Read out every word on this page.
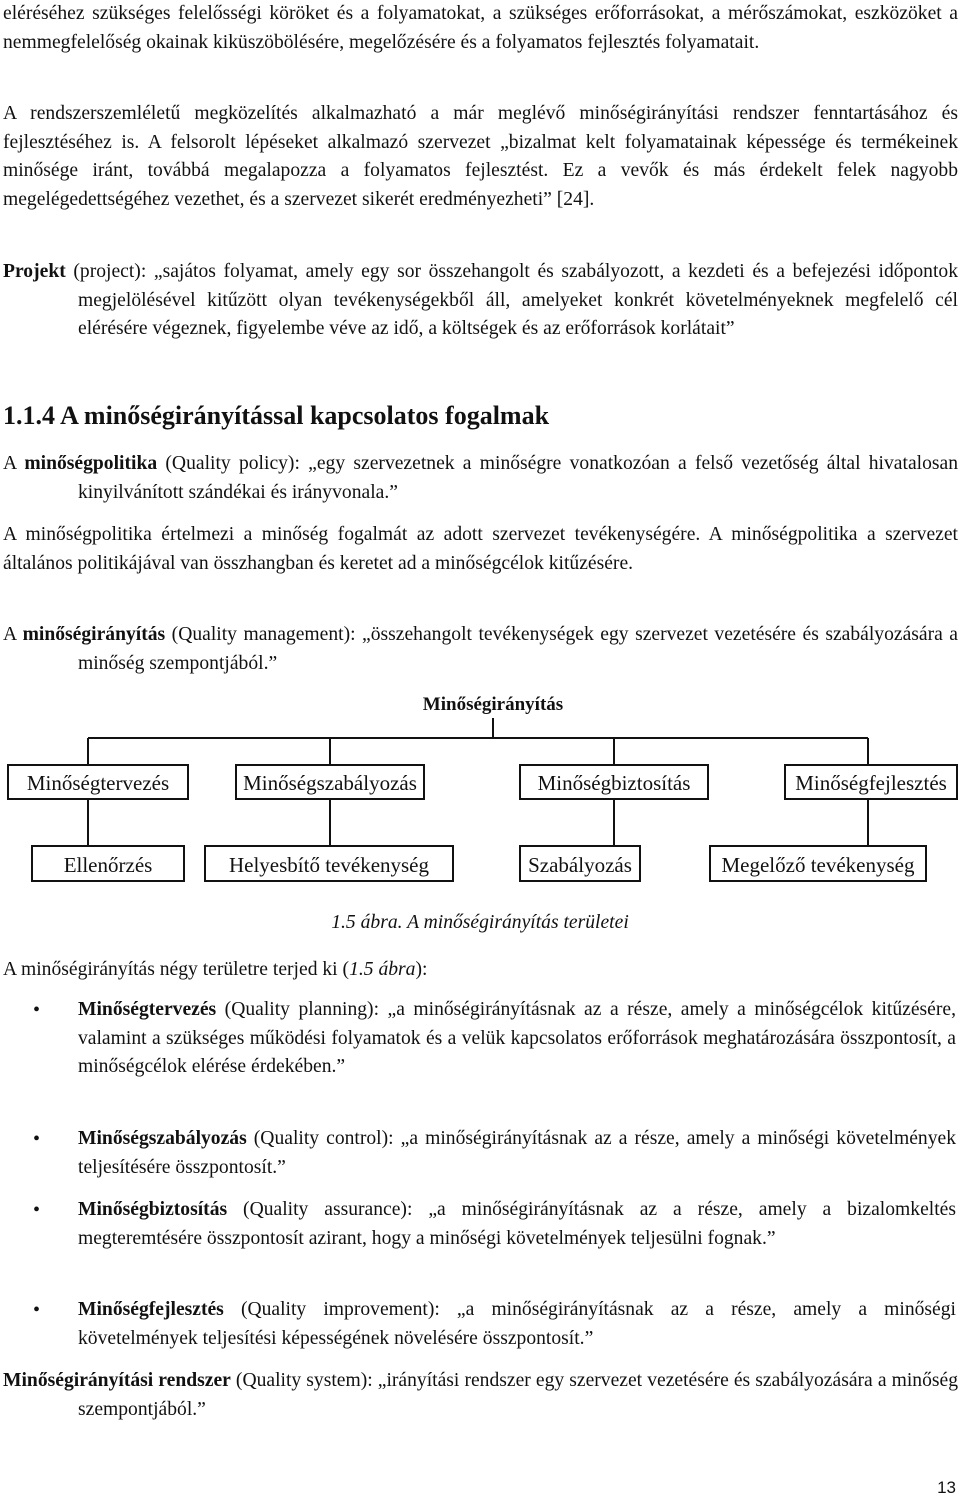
eléréséhez szükséges felelősségi köröket és a folyamatokat, a szükséges erőforrásokat, a mérőszámokat, eszközöket a nemmegfelelőség okainak kiküszöbölésére, megelőzésére és a folyamatos fejlesztés folyamatait.

A rendszerszemléletű megközelítés alkalmazható a már meglévő minőségirányítási rendszer fenntartásához és fejlesztéséhez is. A felsorolt lépéseket alkalmazó szervezet „bizalmat kelt folyamatainak képessége és termékeinek minősége iránt, továbbá megalapozza a folyamatos fejlesztést. Ez a vevők és más érdekelt felek nagyobb megelégedettségéhez vezethet, és a szervezet sikerét eredményezheti” [24].

Projekt (project): „sajátos folyamat, amely egy sor összehangolt és szabályozott, a kezdeti és a befejezési időpontok megjelölésével kitűzött olyan tevékenységekből áll, amelyeket konkrét követelményeknek megfelelő cél elérésére végeznek, figyelembe véve az idő, a költségek és az erőforrások korlátait”

1.1.4 A minőségirányítással kapcsolatos fogalmak

A minőségpolitika (Quality policy): „egy szervezetnek a minőségre vonatkozóan a felső vezetőség által hivatalosan kinyilvánított szándékai és irányvonala.”

A minőségpolitika értelmezi a minőség fogalmát az adott szervezet tevékenységére. A minőségpolitika a szervezet általános politikájával van összhangban és keretet ad a minőségcélok kitűzésére.

A minőségirányítás (Quality management): „összehangolt tevékenységek egy szervezet vezetésére és szabályozására a minőség szempontjából.”

Minőségirányítás
Minőségtervezés	Minőségszabályozás	Minőségbiztosítás	Minőségfejlesztés
Ellenőrzés	Helyesbítő tevékenység	Szabályozás	Megelőző tevékenység

1.5 ábra. A minőségirányítás területei

A minőségirányítás négy területre terjed ki (1.5 ábra):

• Minőségtervezés (Quality planning): „a minőségirányításnak az a része, amely a minőségcélok kitűzésére, valamint a szükséges működési folyamatok és a velük kapcsolatos erőforrások meghatározására összpontosít, a minőségcélok elérése érdekében.”
• Minőségszabályozás (Quality control): „a minőségirányításnak az a része, amely a minőségi követelmények teljesítésére összpontosít.”
• Minőségbiztosítás (Quality assurance): „a minőségirányításnak az a része, amely a bizalomkeltés megteremtésére összpontosít azirant, hogy a minőségi követelmények teljesülni fognak.”
• Minőségfejlesztés (Quality improvement): „a minőségirányításnak az a része, amely a minőségi követelmények teljesítési képességének növelésére összpontosít.”

Minőségirányítási rendszer (Quality system): „irányítási rendszer egy szervezet vezetésére és szabályozására a minőség szempontjából.”

13
